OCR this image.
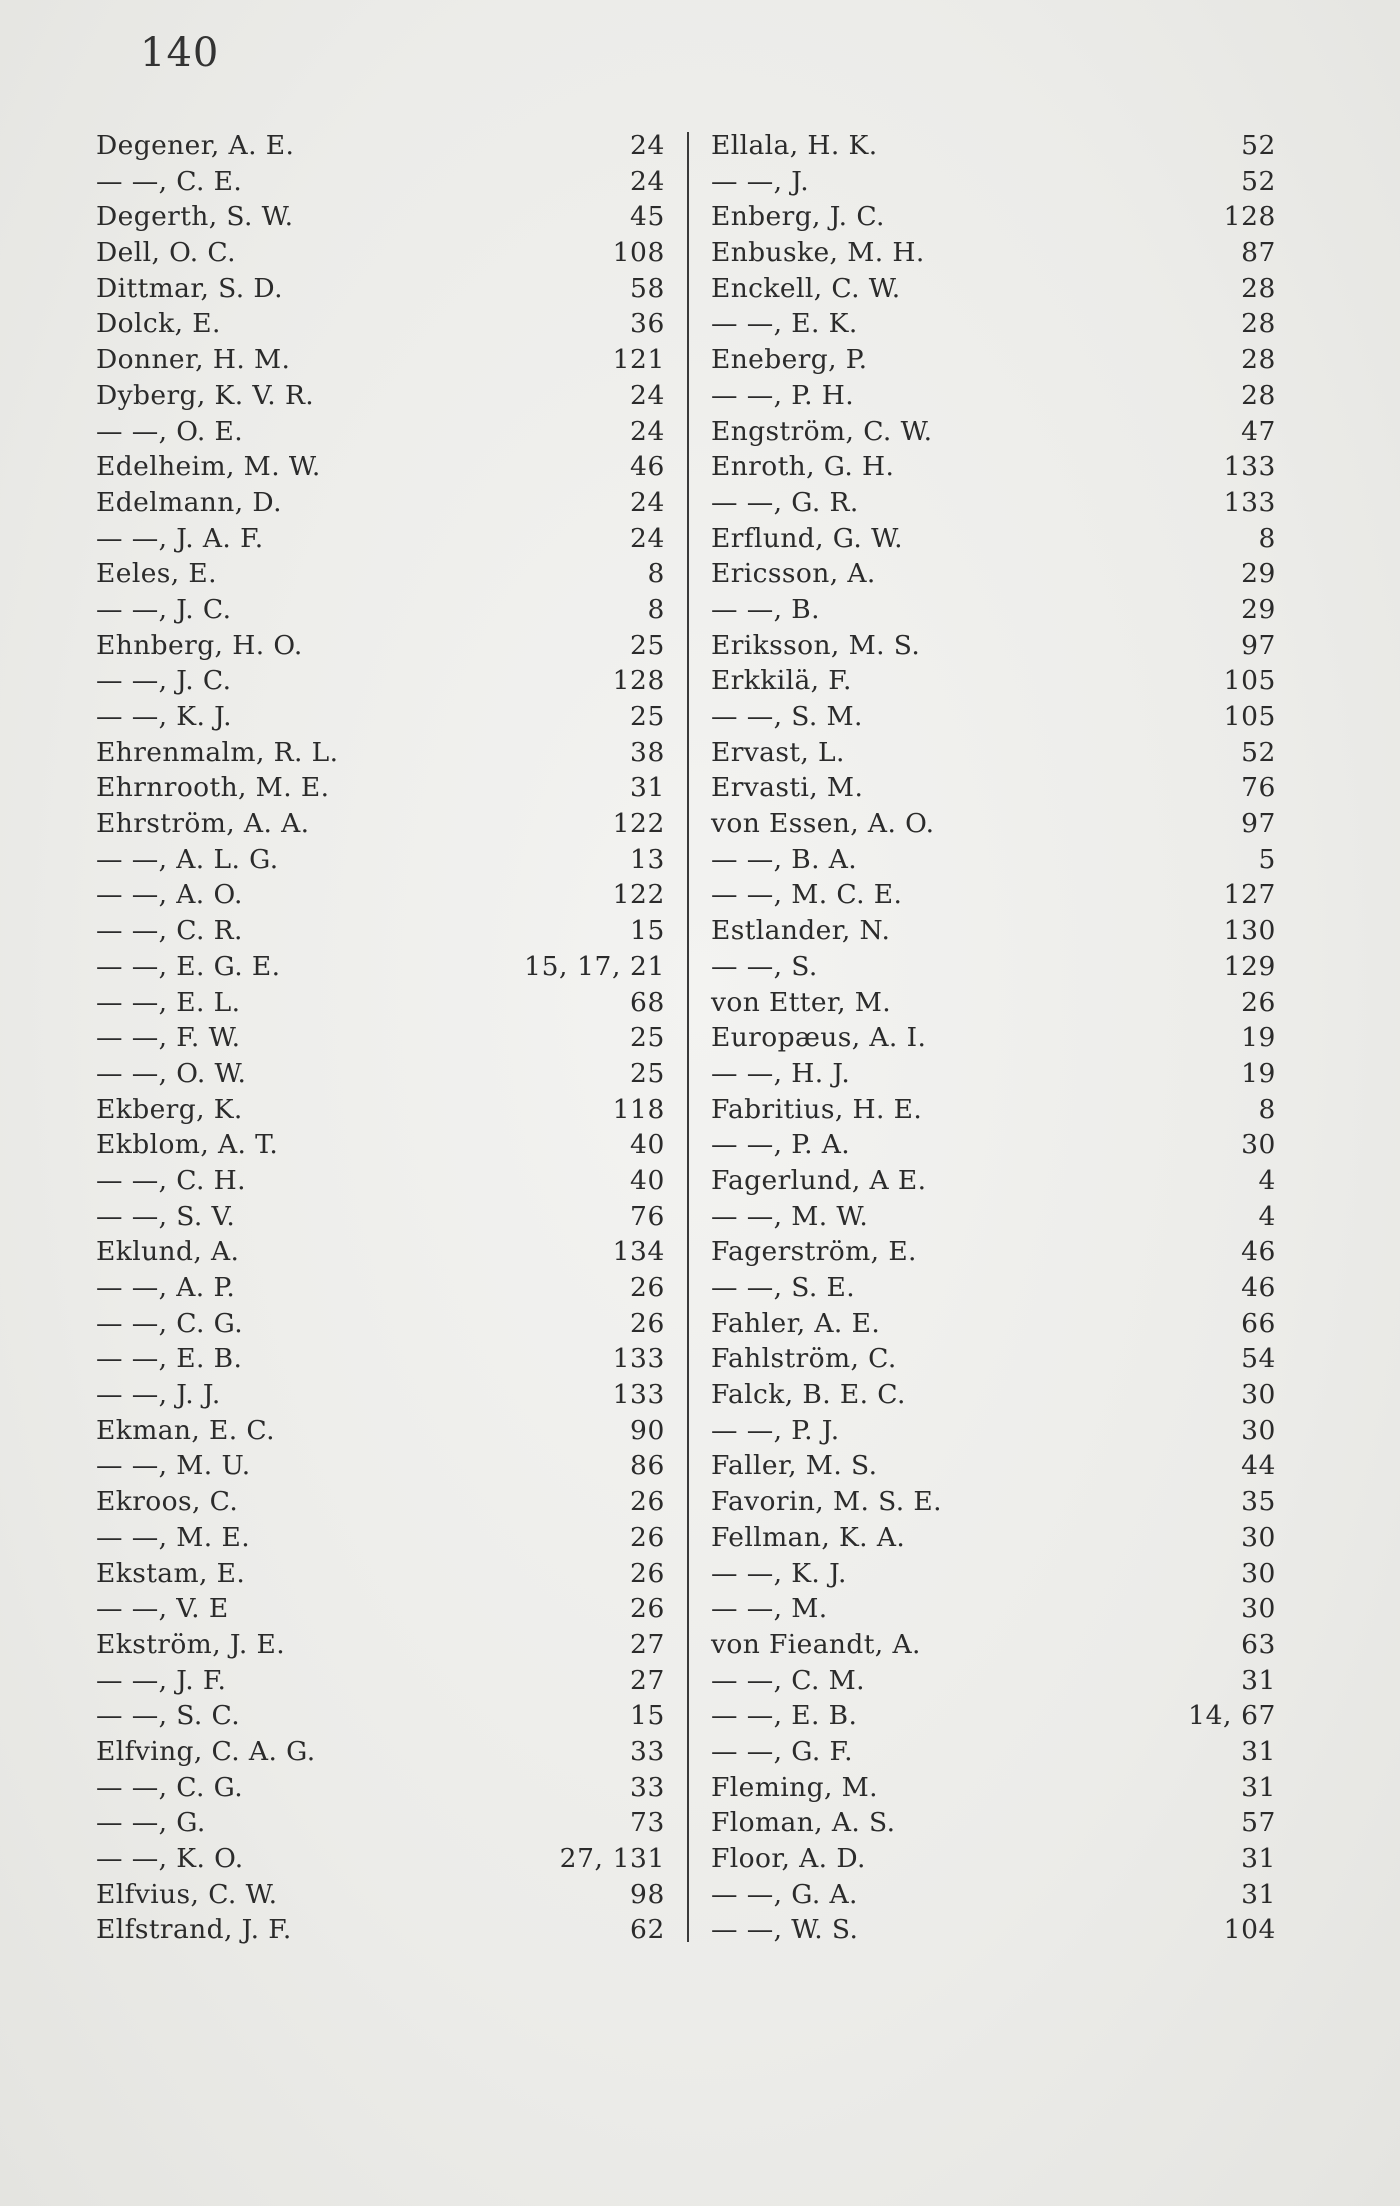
140
Degener, A. E.	24
— —, C. E.	24
Degerth, S. W.	45
Dell, O. C.	108
Dittmar, S. D.	58
Dolck, E.	36
Donner, H. M.	121
Dyberg, K. V. R.	24
— —, O. E.	24
Edelheim, M. W.	46
Edelmann, D.	24
— —, J. A. F.	24
Eeles, E.	8
— —, J. C.	8
Ehnberg, H. O.	25
— —, J. C.	128
— —, K. J.	25
Ehrenmalm, R. L.	38
Ehrnrooth, M. E.	31
Ehrström, A. A.	122
— —, A. L. G.	13
— —, A. O.	122
— —, C. R.	15
— —, E. G. E.	15, 17, 21
— —, E. L.	68
— —, F. W.	25
— —, O. W.	25
Ekberg, K.	118
Ekblom, A. T.	40
— —, C. H.	40
— —, S. V.	76
Eklund, A.	134
— —, A. P.	26
— —, C. G.	26
— —, E. B.	133
— —, J. J.	133
Ekman, E. C.	90
— —, M. U.	86
Ekroos, C.	26
— —, M. E.	26
Ekstam, E.	26
— —, V. E	26
Ekström, J. E.	27
— —, J. F.	27
— —, S. C.	15
Elfving, C. A. G.	33
— —, C. G.	33
— —, G.	73
— —, K. O.	27, 131
Elfvius, C. W.	98
Elfstrand, J. F.	62
Ellala, H. K.	52
— —, J.	52
Enberg, J. C.	128
Enbuske, M. H.	87
Enckell, C. W.	28
— —, E. K.	28
Eneberg, P.	28
— —, P. H.	28
Engström, C. W.	47
Enroth, G. H.	133
— —, G. R.	133
Erflund, G. W.	8
Ericsson, A.	29
— —, B.	29
Eriksson, M. S.	97
Erkkilä, F.	105
— —, S. M.	105
Ervast, L.	52
Ervasti, M.	76
von Essen, A. O.	97
— —, B. A.	5
— —, M. C. E.	127
Estlander, N.	130
— —, S.	129
von Etter, M.	26
Europæus, A. I.	19
— —, H. J.	19
Fabritius, H. E.	8
— —, P. A.	30
Fagerlund, A E.	4
— —, M. W.	4
Fagerström, E.	46
— —, S. E.	46
Fahler, A. E.	66
Fahlström, C.	54
Falck, B. E. C.	30
— —, P. J.	30
Faller, M. S.	44
Favorin, M. S. E.	35
Fellman, K. A.	30
— —, K. J.	30
— —, M.	30
von Fieandt, A.	63
— —, C. M.	31
— —, E. B.	14, 67
— —, G. F.	31
Fleming, M.	31
Floman, A. S.	57
Floor, A. D.	31
— —, G. A.	31
— —, W. S.	104
